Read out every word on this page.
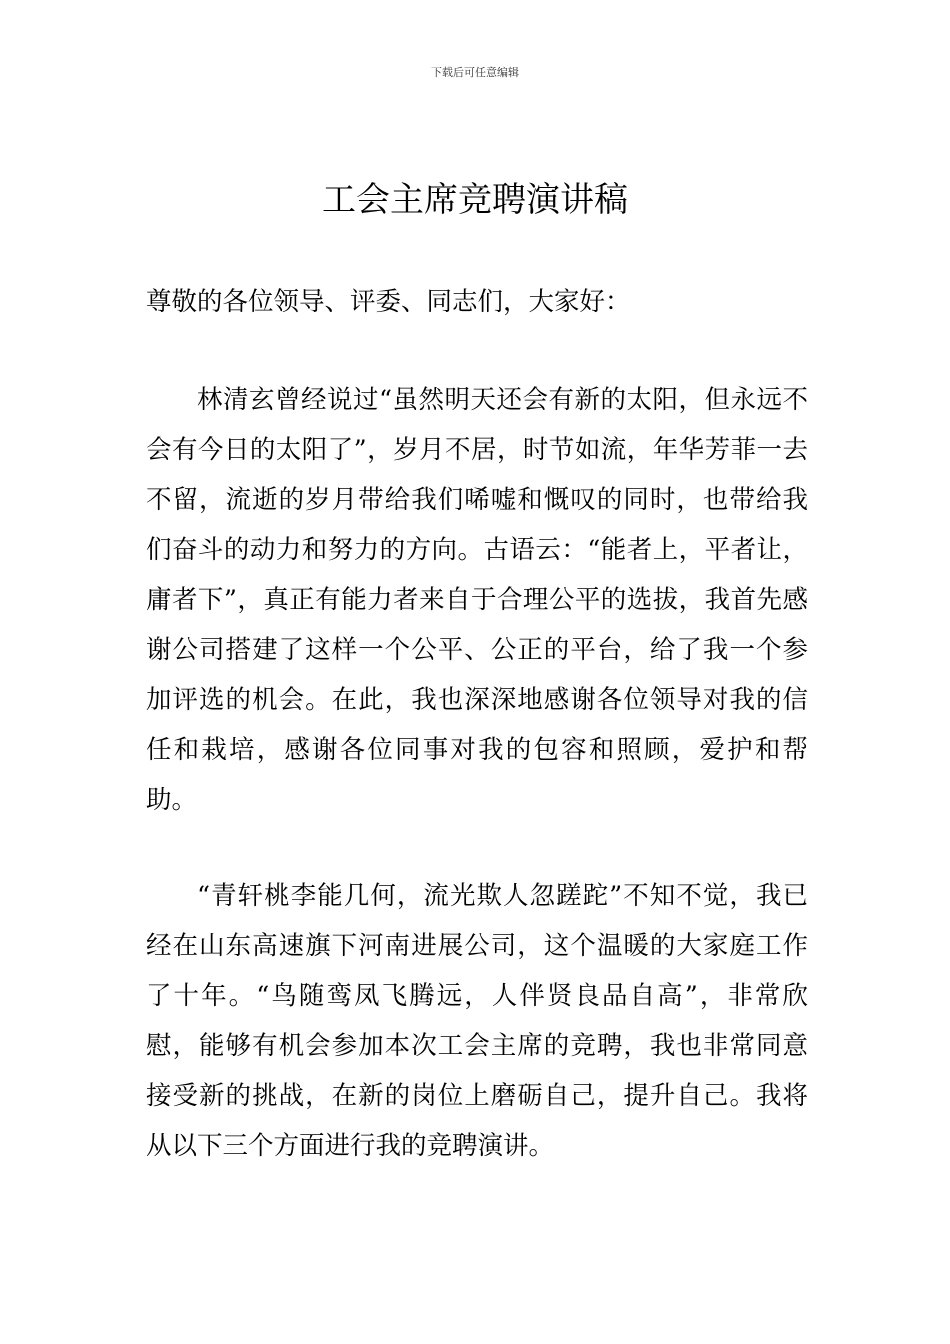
下载后可任意编辑
工会主席竞聘演讲稿

尊敬的各位领导、评委、同志们，大家好：

林清玄曾经说过“虽然明天还会有新的太阳，但永远不会有今日的太阳了”，岁月不居，时节如流，年华芳菲一去不留，流逝的岁月带给我们唏嘘和慨叹的同时，也带给我们奋斗的动力和努力的方向。古语云：“能者上，平者让，庸者下”，真正有能力者来自于合理公平的选拔，我首先感谢公司搭建了这样一个公平、公正的平台，给了我一个参加评选的机会。在此，我也深深地感谢各位领导对我的信任和栽培，感谢各位同事对我的包容和照顾，爱护和帮助。

“青轩桃李能几何，流光欺人忽蹉跎”不知不觉，我已经在山东高速旗下河南进展公司，这个温暖的大家庭工作了十年。“鸟随鸾凤飞腾远，人伴贤良品自高”，非常欣慰，能够有机会参加本次工会主席的竞聘，我也非常同意接受新的挑战，在新的岗位上磨砺自己，提升自己。我将从以下三个方面进行我的竞聘演讲。
